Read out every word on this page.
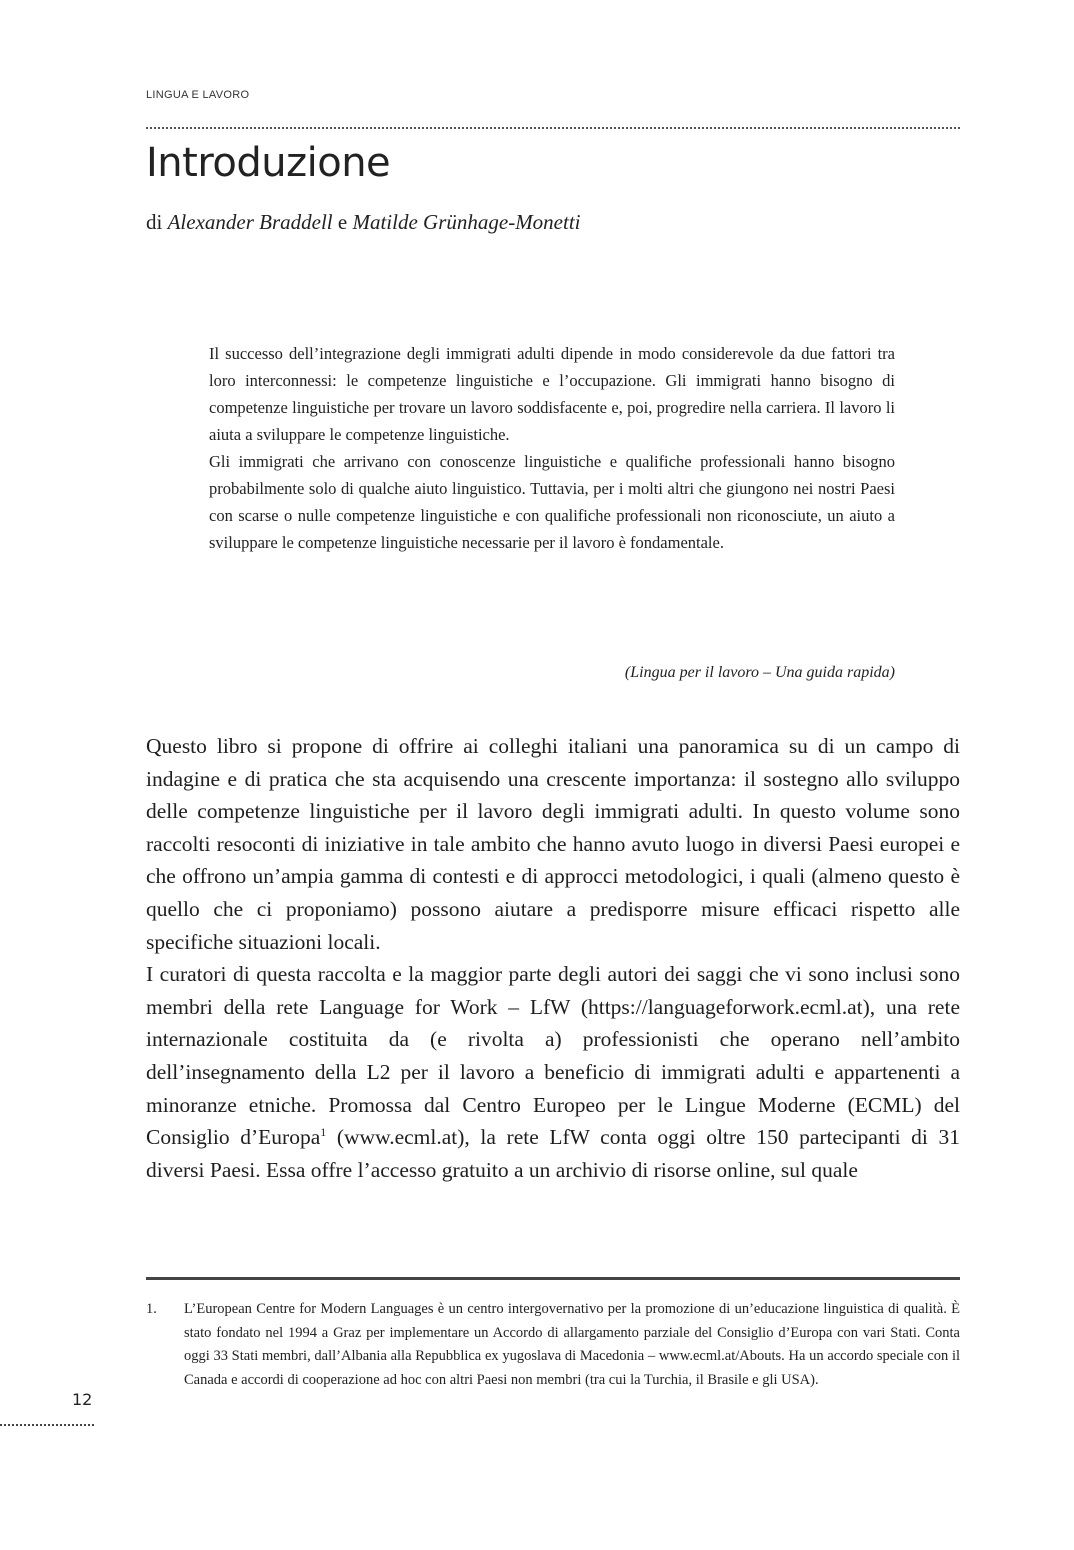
LINGUA E LAVORO
Introduzione
di Alexander Braddell e Matilde Grünhage-Monetti

Il successo dell’integrazione degli immigrati adulti dipende in modo considerevole da due fattori tra loro interconnessi: le competenze linguistiche e l’occupazione. Gli immigrati hanno bisogno di competenze linguistiche per trovare un lavoro soddisfacente e, poi, progredire nella carriera. Il lavoro li aiuta a sviluppare le competenze linguistiche.

Gli immigrati che arrivano con conoscenze linguistiche e qualifiche professionali hanno bisogno probabilmente solo di qualche aiuto linguistico. Tuttavia, per i molti altri che giungono nei nostri Paesi con scarse o nulle competenze linguistiche e con qualifiche professionali non riconosciute, un aiuto a sviluppare le competenze linguistiche necessarie per il lavoro è fondamentale.

(Lingua per il lavoro – Una guida rapida)

Questo libro si propone di offrire ai colleghi italiani una panoramica su di un campo di indagine e di pratica che sta acquisendo una crescente importanza: il sostegno allo sviluppo delle competenze linguistiche per il lavoro degli immigrati adulti. In questo volume sono raccolti resoconti di iniziative in tale ambito che hanno avuto luogo in diversi Paesi europei e che offrono un’ampia gamma di contesti e di approcci metodologici, i quali (almeno questo è quello che ci proponiamo) possono aiutare a predisporre misure efficaci rispetto alle specifiche situazioni locali.

I curatori di questa raccolta e la maggior parte degli autori dei saggi che vi sono inclusi sono membri della rete Language for Work – LfW (https://languageforwork.ecml.at), una rete internazionale costituita da (e rivolta a) professionisti che operano nell’ambito dell’insegnamento della L2 per il lavoro a beneficio di immigrati adulti e appartenenti a minoranze etniche. Promossa dal Centro Europeo per le Lingue Moderne (ECML) del Consiglio d’Europa$^1$ (www.ecml.at), la rete LfW conta oggi oltre 150 partecipanti di 31 diversi Paesi. Essa offre l’accesso gratuito a un archivio di risorse online, sul quale

1. L’European Centre for Modern Languages è un centro intergovernativo per la promozione di un’educazione linguistica di qualità. È stato fondato nel 1994 a Graz per implementare un Accordo di allargamento parziale del Consiglio d’Europa con vari Stati. Conta oggi 33 Stati membri, dall’Albania alla Repubblica ex yugoslava di Macedonia – www.ecml.at/Abouts. Ha un accordo speciale con il Canada e accordi di cooperazione ad hoc con altri Paesi non membri (tra cui la Turchia, il Brasile e gli USA).
12
